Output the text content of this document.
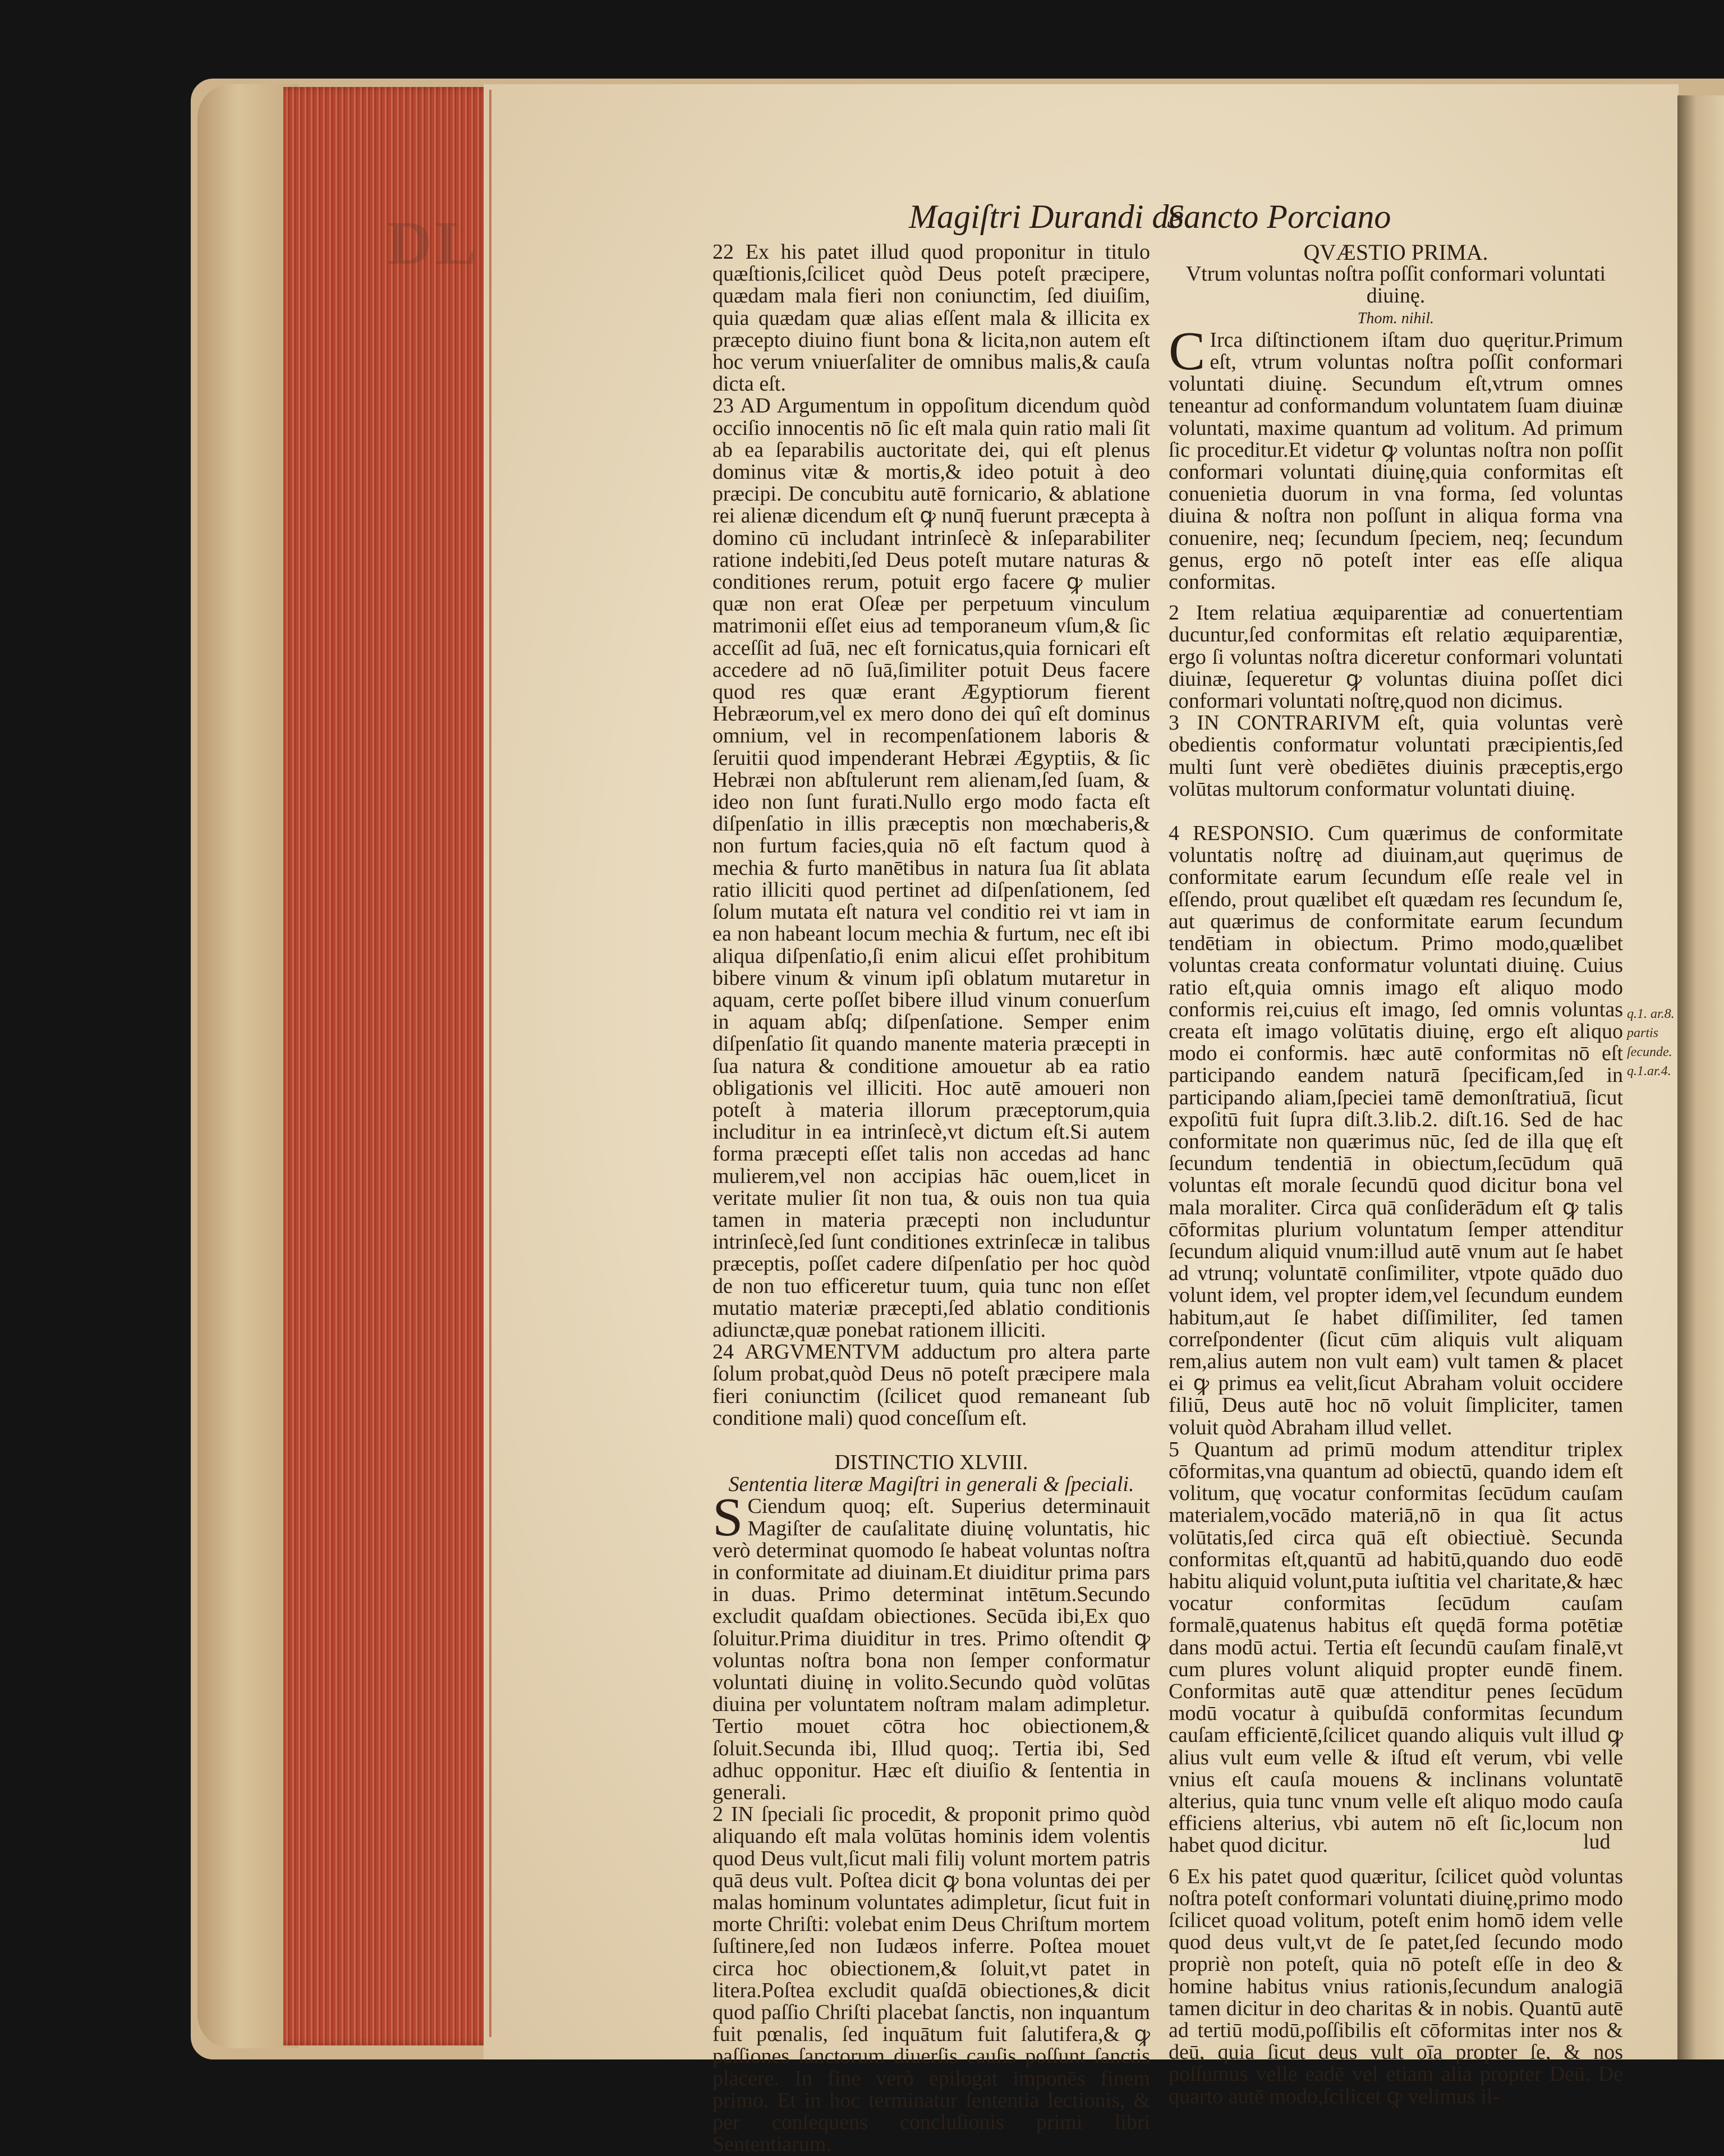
DL	Magiſtri Durandi de
Sancto Porciano

22 Ex his patet illud quod proponitur in titulo quæſtionis,ſcilicet quòd Deus poteſt præcipere, quædam mala fieri non coniunctim, ſed diuiſim, quia quædam quæ alias eſſent mala & illicita ex præcepto diuino fiunt bona & licita,non autem eſt hoc verum vniuerſaliter de omnibus malis,& cauſa dicta eſt.

23 AD Argumentum in oppoſitum dicendum quòd occiſio innocentis nō ſic eſt mala quin ratio mali ſit ab ea ſeparabilis auctoritate dei, qui eſt plenus dominus vitæ & mortis,& ideo potuit à deo præcipi. De concubitu autē fornicario, & ablatione rei alienæ dicendum eſt ꝙ nunq̄ fuerunt præcepta à domino cū includant intrinſecè & inſeparabiliter ratione indebiti,ſed Deus poteſt mutare naturas & conditiones rerum, potuit ergo facere ꝙ mulier quæ non erat Oſeæ per perpetuum vinculum matrimonii eſſet eius ad temporaneum vſum,& ſic acceſſit ad ſuā, nec eſt fornicatus,quia fornicari eſt accedere ad nō ſuā,ſimiliter potuit Deus facere quod res quæ erant Ægyptiorum fierent Hebræorum,vel ex mero dono dei quî eſt dominus omnium, vel in recompenſationem laboris & ſeruitii quod impenderant Hebræi Ægyptiis, & ſic Hebræi non abſtulerunt rem alienam,ſed ſuam, & ideo non ſunt furati.Nullo ergo modo facta eſt diſpenſatio in illis præceptis non mœchaberis,& non furtum facies,quia nō eſt factum quod à mechia & furto manētibus in natura ſua ſit ablata ratio illiciti quod pertinet ad diſpenſationem, ſed ſolum mutata eſt natura vel conditio rei vt iam in ea non habeant locum mechia & furtum, nec eſt ibi aliqua diſpenſatio,ſi enim alicui eſſet prohibitum bibere vinum & vinum ipſi oblatum mutaretur in aquam, certe poſſet bibere illud vinum conuerſum in aquam abſq; diſpenſatione. Semper enim diſpenſatio ſit quando manente materia præcepti in ſua natura & conditione amouetur ab ea ratio obligationis vel illiciti. Hoc autē amoueri non poteſt à materia illorum præceptorum,quia includitur in ea intrinſecè,vt dictum eſt.Si autem forma præcepti eſſet talis non accedas ad hanc mulierem,vel non accipias hāc ouem,licet in veritate mulier ſit non tua, & ouis non tua quia tamen in materia præcepti non includuntur intrinſecè,ſed ſunt conditiones extrinſecæ in talibus præceptis, poſſet cadere diſpenſatio per hoc quòd de non tuo efficeretur tuum, quia tunc non eſſet mutatio materiæ præcepti,ſed ablatio conditionis adiunctæ,quæ ponebat rationem illiciti.

24 ARGVMENTVM adductum pro altera parte ſolum probat,quòd Deus nō poteſt præcipere mala fieri coniunctim (ſcilicet quod remaneant ſub conditione mali) quod conceſſum eſt.

DISTINCTIO XLVIII.

Sententia literæ Magiſtri in generali & ſpeciali.

S Ciendum quoq; eſt. Superius determinauit Magiſter de cauſalitate diuinę voluntatis, hic verò determinat quomodo ſe habeat voluntas noſtra in conformitate ad diuinam.Et diuiditur prima pars in duas. Primo determinat intētum.Secundo excludit quaſdam obiectiones. Secūda ibi,Ex quo ſoluitur.Prima diuiditur in tres. Primo oſtendit ꝙ voluntas noſtra bona non ſemper conformatur voluntati diuinę in volito.Secundo quòd volūtas diuina per voluntatem noſtram malam adimpletur. Tertio mouet cōtra hoc obiectionem,& ſoluit.Secunda ibi, Illud quoq;. Tertia ibi, Sed adhuc opponitur. Hæc eſt diuiſio & ſententia in generali.

2 IN ſpeciali ſic procedit, & proponit primo quòd aliquando eſt mala volūtas hominis idem volentis quod Deus vult,ſicut mali filiȷ volunt mortem patris quā deus vult. Poſtea dicit ꝙ bona voluntas dei per malas hominum voluntates adimpletur, ſicut fuit in morte Chriſti: volebat enim Deus Chriſtum mortem ſuſtinere,ſed non Iudæos inferre. Poſtea mouet circa hoc obiectionem,& ſoluit,vt patet in litera.Poſtea excludit quaſdā obiectiones,& dicit quod paſſio Chriſti placebat ſanctis, non inquantum fuit pœnalis, ſed inquātum fuit ſalutifera,& ꝙ paſſiones ſanctorum diuerſis cauſis poſſunt ſanctis placere. In fine verò epilogat imponēs finem primo. Et in hoc terminatur ſententia lectionis, & per conſequens concluſionis primi libri Sententiarum.

QVÆSTIO PRIMA.

Vtrum voluntas noſtra poſſit conformari voluntati diuinę.

Thom. nihil.

C Irca diſtinctionem iſtam duo quęritur.Primum eſt, vtrum voluntas noſtra poſſit conformari voluntati diuinę. Secundum eſt,vtrum omnes teneantur ad conformandum voluntatem ſuam diuinæ voluntati, maxime quantum ad volitum. Ad primum ſic proceditur.Et videtur ꝙ voluntas noſtra non poſſit conformari voluntati diuinę,quia conformitas eſt conuenietia duorum in vna forma, ſed voluntas diuina & noſtra non poſſunt in aliqua forma vna conuenire, neq; ſecundum ſpeciem, neq; ſecundum genus, ergo nō poteſt inter eas eſſe aliqua conformitas.

2 Item relatiua æquiparentiæ ad conuertentiam ducuntur,ſed conformitas eſt relatio æquiparentiæ, ergo ſi voluntas noſtra diceretur conformari voluntati diuinæ, ſequeretur ꝙ voluntas diuina poſſet dici conformari voluntati noſtrę,quod non dicimus.

3 IN CONTRARIVM eſt, quia voluntas verè obedientis conformatur voluntati præcipientis,ſed multi ſunt verè obediētes diuinis præceptis,ergo volūtas multorum conformatur voluntati diuinę.

4 RESPONSIO. Cum quærimus de conformitate voluntatis noſtrę ad diuinam,aut quęrimus de conformitate earum ſecundum eſſe reale vel in eſſendo, prout quælibet eſt quædam res ſecundum ſe, aut quærimus de conformitate earum ſecundum tendētiam in obiectum. Primo modo,quælibet voluntas creata conformatur voluntati diuinę. Cuius ratio eſt,quia omnis imago eſt aliquo modo conformis rei,cuius eſt imago, ſed omnis voluntas creata eſt imago volūtatis diuinę, ergo eſt aliquo modo ei conformis. hæc autē conformitas nō eſt participando eandem naturā ſpecificam,ſed in participando aliam,ſpeciei tamē demonſtratiuā, ſicut expoſitū fuit ſupra diſt.3.lib.2. diſt.16. Sed de hac conformitate non quærimus nūc, ſed de illa quę eſt ſecundum tendentiā in obiectum,ſecūdum quā voluntas eſt morale ſecundū quod dicitur bona vel mala moraliter. Circa quā conſiderādum eſt ꝙ talis cōformitas plurium voluntatum ſemper attenditur ſecundum aliquid vnum:illud autē vnum aut ſe habet ad vtrunq; voluntatē conſimiliter, vtpote quādo duo volunt idem, vel propter idem,vel ſecundum eundem habitum,aut ſe habet diſſimiliter, ſed tamen correſpondenter (ſicut cūm aliquis vult aliquam rem,alius autem non vult eam) vult tamen & placet ei ꝙ primus ea velit,ſicut Abraham voluit occidere filiū, Deus autē hoc nō voluit ſimpliciter, tamen voluit quòd Abraham illud vellet.

5 Quantum ad primū modum attenditur triplex cōformitas,vna quantum ad obiectū, quando idem eſt volitum, quę vocatur conformitas ſecūdum cauſam materialem,vocādo materiā,nō in qua ſit actus volūtatis,ſed circa quā eſt obiectiuè. Secunda conformitas eſt,quantū ad habitū,quando duo eodē habitu aliquid volunt,puta iuſtitia vel charitate,& hæc vocatur conformitas ſecūdum cauſam formalē,quatenus habitus eſt quędā forma potētiæ dans modū actui. Tertia eſt ſecundū cauſam finalē,vt cum plures volunt aliquid propter eundē finem. Conformitas autē quæ attenditur penes ſecūdum modū vocatur à quibuſdā conformitas ſecundum cauſam efficientē,ſcilicet quando aliquis vult illud ꝙ alius vult eum velle & iſtud eſt verum, vbi velle vnius eſt cauſa mouens & inclinans voluntatē alterius, quia tunc vnum velle eſt aliquo modo cauſa efficiens alterius, vbi autem nō eſt ſic,locum non habet quod dicitur.

6 Ex his patet quod quæritur, ſcilicet quòd voluntas noſtra poteſt conformari voluntati diuinę,primo modo ſcilicet quoad volitum, poteſt enim homō idem velle quod deus vult,vt de ſe patet,ſed ſecundo modo propriè non poteſt, quia nō poteſt eſſe in deo & homine habitus vnius rationis,ſecundum analogiā tamen dicitur in deo charitas & in nobis. Quantū autē ad tertiū modū,poſſibilis eſt cōformitas inter nos & deū, quia ſicut deus vult oīa propter ſe, & nos poſſumus velle eadē vel etiam alia propter Deū. De quarto autē modo,ſcilicet ꝙ velimus il-

q.1. ar.8.
partis ſecunde.
q.1.ar.4.
lud
